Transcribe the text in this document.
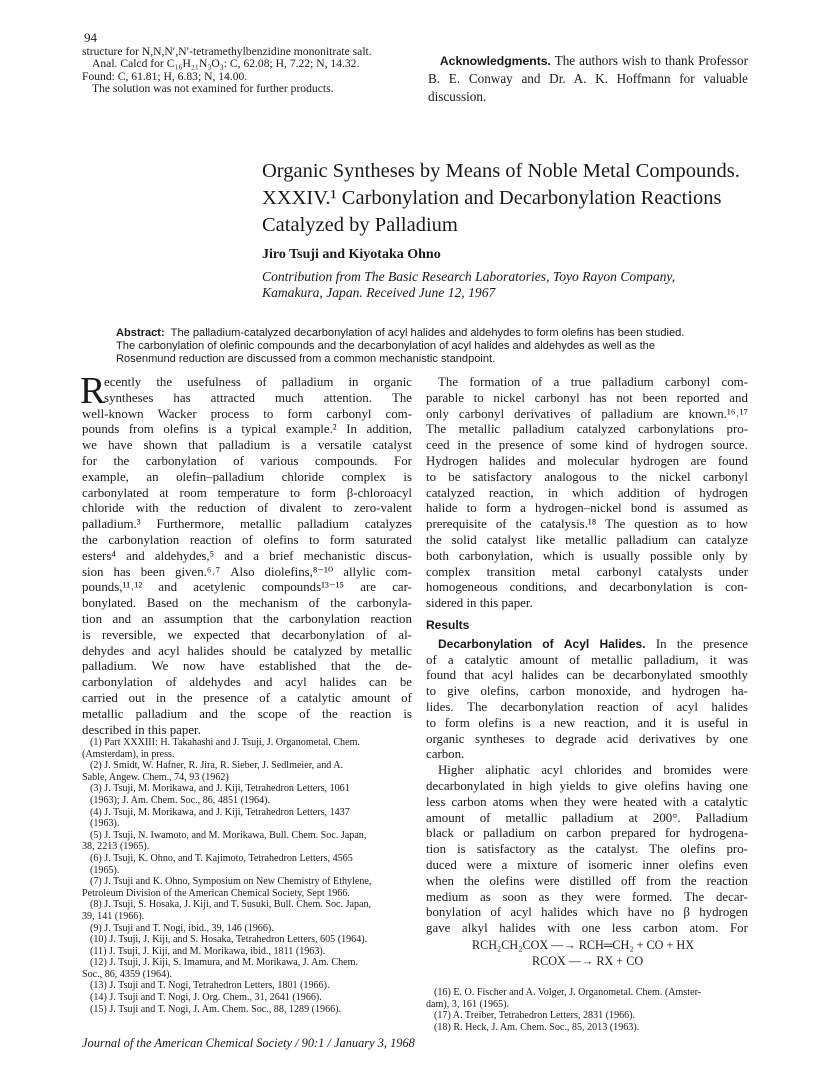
94
structure for N,N,N′,N′-tetramethylbenzidine mononitrate salt.
Anal. Calcd for C₁₆H₂₁N₃O₃: C, 62.08; H, 7.22; N, 14.32.
Found: C, 61.81; H, 6.83; N, 14.00.
The solution was not examined for further products.
Acknowledgments. The authors wish to thank Professor B. E. Conway and Dr. A. K. Hoffmann for valuable discussion.
Organic Syntheses by Means of Noble Metal Compounds.
XXXIV.¹ Carbonylation and Decarbonylation Reactions
Catalyzed by Palladium
Jiro Tsuji and Kiyotaka Ohno
Contribution from The Basic Research Laboratories, Toyo Rayon Company,
Kamakura, Japan. Received June 12, 1967
Abstract: The palladium-catalyzed decarbonylation of acyl halides and aldehydes to form olefins has been studied.
The carbonylation of olefinic compounds and the decarbonylation of acyl halides and aldehydes as well as the
Rosenmund reduction are discussed from a common mechanistic standpoint.
R
ecently the usefulness of palladium in organic
syntheses has attracted much attention. The
well-known Wacker process to form carbonyl com-
pounds from olefins is a typical example.² In addition,
we have shown that palladium is a versatile catalyst
for the carbonylation of various compounds. For
example, an olefin–palladium chloride complex is
carbonylated at room temperature to form β-chloroacyl
chloride with the reduction of divalent to zero-valent
palladium.³ Furthermore, metallic palladium catalyzes
the carbonylation reaction of olefins to form saturated
esters⁴ and aldehydes,⁵ and a brief mechanistic discus-
sion has been given.⁶˒⁷ Also diolefins,⁸⁻¹⁰ allylic com-
pounds,¹¹˒¹² and acetylenic compounds¹³⁻¹⁵ are car-
bonylated. Based on the mechanism of the carbonyla-
tion and an assumption that the carbonylation reaction
is reversible, we expected that decarbonylation of al-
dehydes and acyl halides should be catalyzed by metallic
palladium. We now have established that the de-
carbonylation of aldehydes and acyl halides can be
carried out in the presence of a catalytic amount of
metallic palladium and the scope of the reaction is
described in this paper.
(1) Part XXXIII: H. Takahashi and J. Tsuji, J. Organometal. Chem.
(Amsterdam), in press.
(2) J. Smidt, W. Hafner, R. Jira, R. Sieber, J. Sedlmeier, and A.
Sable, Angew. Chem., 74, 93 (1962)
(3) J. Tsuji, M. Morikawa, and J. Kiji, Tetrahedron Letters, 1061
(1963); J. Am. Chem. Soc., 86, 4851 (1964).
(4) J. Tsuji, M. Morikawa, and J. Kiji, Tetrahedron Letters, 1437
(1963).
(5) J. Tsuji, N. Iwamoto, and M. Morikawa, Bull. Chem. Soc. Japan,
38, 2213 (1965).
(6) J. Tsuji, K. Ohno, and T. Kajimoto, Tetrahedron Letters, 4565
(1965).
(7) J. Tsuji and K. Ohno, Symposium on New Chemistry of Ethylene,
Petroleum Division of the American Chemical Society, Sept 1966.
(8) J. Tsuji, S. Hosaka, J. Kiji, and T. Susuki, Bull. Chem. Soc. Japan,
39, 141 (1966).
(9) J. Tsuji and T. Nogi, ibid., 39, 146 (1966).
(10) J. Tsuji, J. Kiji, and S. Hosaka, Tetrahedron Letters, 605 (1964).
(11) J. Tsuji, J. Kiji, and M. Morikawa, ibid., 1811 (1963).
(12) J. Tsuji, J. Kiji, S. Imamura, and M. Morikawa, J. Am. Chem.
Soc., 86, 4359 (1964).
(13) J. Tsuji and T. Nogi, Tetrahedron Letters, 1801 (1966).
(14) J. Tsuji and T. Nogi, J. Org. Chem., 31, 2641 (1966).
(15) J. Tsuji and T. Nogi, J. Am. Chem. Soc., 88, 1289 (1966).
The formation of a true palladium carbonyl com-
parable to nickel carbonyl has not been reported and
only carbonyl derivatives of palladium are known.¹⁶˒¹⁷
The metallic palladium catalyzed carbonylations pro-
ceed in the presence of some kind of hydrogen source.
Hydrogen halides and molecular hydrogen are found
to be satisfactory analogous to the nickel carbonyl
catalyzed reaction, in which addition of hydrogen
halide to form a hydrogen–nickel bond is assumed as
prerequisite of the catalysis.¹⁸ The question as to how
the solid catalyst like metallic palladium can catalyze
both carbonylation, which is usually possible only by
complex transition metal carbonyl catalysts under
homogeneous conditions, and decarbonylation is con-
sidered in this paper.
Results
Decarbonylation of Acyl Halides. In the presence
of a catalytic amount of metallic palladium, it was
found that acyl halides can be decarbonylated smoothly
to give olefins, carbon monoxide, and hydrogen ha-
lides. The decarbonylation reaction of acyl halides
to form olefins is a new reaction, and it is useful in
organic syntheses to degrade acid derivatives by one
carbon.
Higher aliphatic acyl chlorides and bromides were
decarbonylated in high yields to give olefins having one
less carbon atoms when they were heated with a catalytic
amount of metallic palladium at 200°. Palladium
black or palladium on carbon prepared for hydrogena-
tion is satisfactory as the catalyst. The olefins pro-
duced were a mixture of isomeric inner olefins even
when the olefins were distilled off from the reaction
medium as soon as they were formed. The decar-
bonylation of acyl halides which have no β hydrogen
gave alkyl halides with one less carbon atom. For
RCH₂CH₂COX —→ RCH═CH₂ + CO + HX
RCOX —→ RX + CO
(16) E. O. Fischer and A. Volger, J. Organometal. Chem. (Amster-
dam), 3, 161 (1965).
(17) A. Treiber, Tetrahedron Letters, 2831 (1966).
(18) R. Heck, J. Am. Chem. Soc., 85, 2013 (1963).
Journal of the American Chemical Society / 90:1 / January 3, 1968
